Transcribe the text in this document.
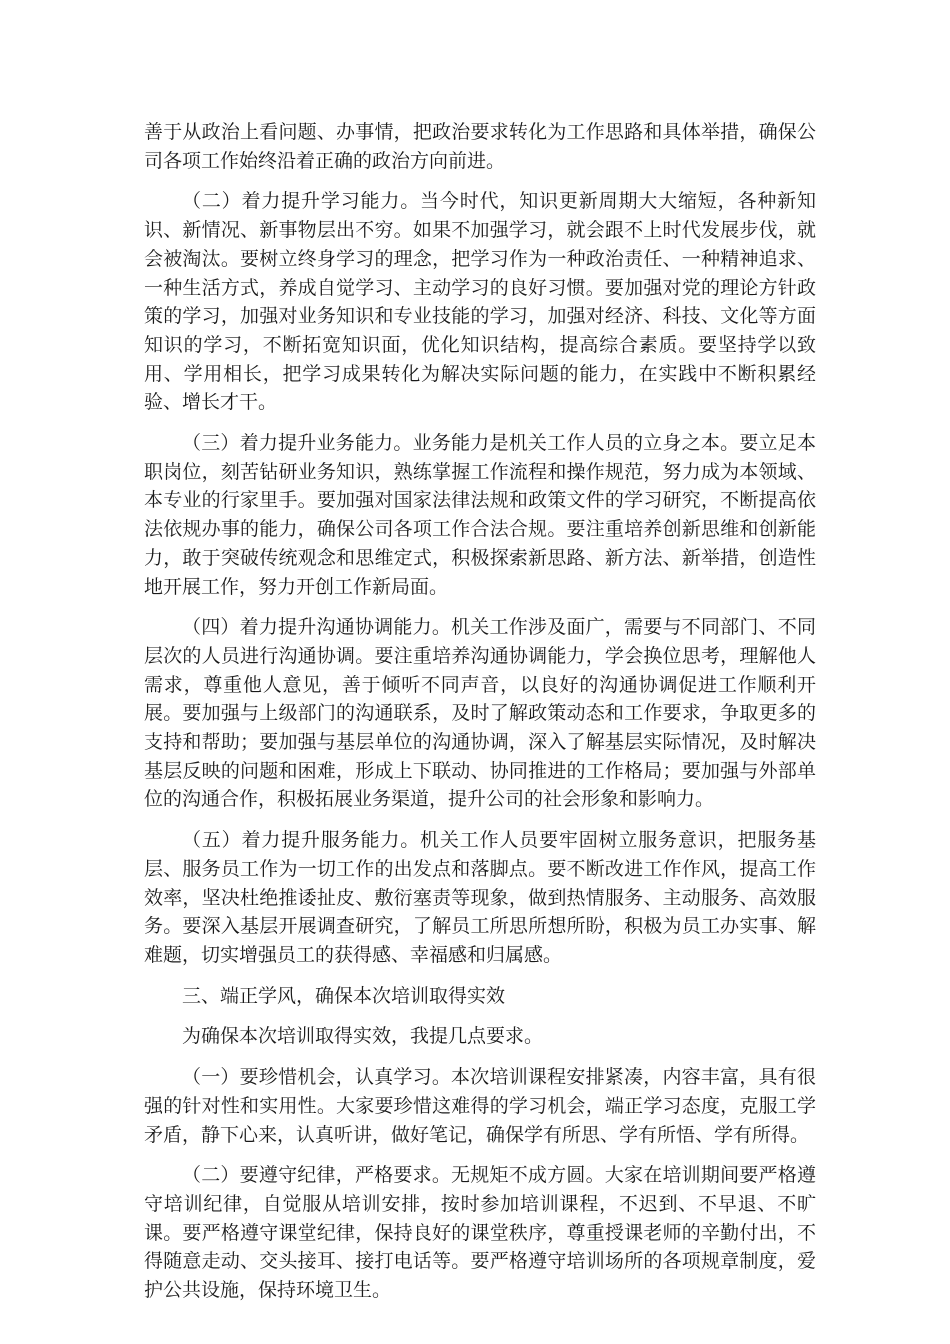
善于从政治上看问题、办事情，把政治要求转化为工作思路和具体举措，确保公司各项工作始终沿着正确的政治方向前进。

（二）着力提升学习能力。当今时代，知识更新周期大大缩短，各种新知识、新情况、新事物层出不穷。如果不加强学习，就会跟不上时代发展步伐，就会被淘汰。要树立终身学习的理念，把学习作为一种政治责任、一种精神追求、一种生活方式，养成自觉学习、主动学习的良好习惯。要加强对党的理论方针政策的学习，加强对业务知识和专业技能的学习，加强对经济、科技、文化等方面知识的学习，不断拓宽知识面，优化知识结构，提高综合素质。要坚持学以致用、学用相长，把学习成果转化为解决实际问题的能力，在实践中不断积累经验、增长才干。

（三）着力提升业务能力。业务能力是机关工作人员的立身之本。要立足本职岗位，刻苦钻研业务知识，熟练掌握工作流程和操作规范，努力成为本领域、本专业的行家里手。要加强对国家法律法规和政策文件的学习研究，不断提高依法依规办事的能力，确保公司各项工作合法合规。要注重培养创新思维和创新能力，敢于突破传统观念和思维定式，积极探索新思路、新方法、新举措，创造性地开展工作，努力开创工作新局面。

（四）着力提升沟通协调能力。机关工作涉及面广，需要与不同部门、不同层次的人员进行沟通协调。要注重培养沟通协调能力，学会换位思考，理解他人需求，尊重他人意见，善于倾听不同声音，以良好的沟通协调促进工作顺利开展。要加强与上级部门的沟通联系，及时了解政策动态和工作要求，争取更多的支持和帮助；要加强与基层单位的沟通协调，深入了解基层实际情况，及时解决基层反映的问题和困难，形成上下联动、协同推进的工作格局；要加强与外部单位的沟通合作，积极拓展业务渠道，提升公司的社会形象和影响力。

（五）着力提升服务能力。机关工作人员要牢固树立服务意识，把服务基层、服务员工作为一切工作的出发点和落脚点。要不断改进工作作风，提高工作效率，坚决杜绝推诿扯皮、敷衍塞责等现象，做到热情服务、主动服务、高效服务。要深入基层开展调查研究，了解员工所思所想所盼，积极为员工办实事、解难题，切实增强员工的获得感、幸福感和归属感。

三、端正学风，确保本次培训取得实效

为确保本次培训取得实效，我提几点要求。

（一）要珍惜机会，认真学习。本次培训课程安排紧凑，内容丰富，具有很强的针对性和实用性。大家要珍惜这难得的学习机会，端正学习态度，克服工学矛盾，静下心来，认真听讲，做好笔记，确保学有所思、学有所悟、学有所得。

（二）要遵守纪律，严格要求。无规矩不成方圆。大家在培训期间要严格遵守培训纪律，自觉服从培训安排，按时参加培训课程，不迟到、不早退、不旷课。要严格遵守课堂纪律，保持良好的课堂秩序，尊重授课老师的辛勤付出，不得随意走动、交头接耳、接打电话等。要严格遵守培训场所的各项规章制度，爱护公共设施，保持环境卫生。
